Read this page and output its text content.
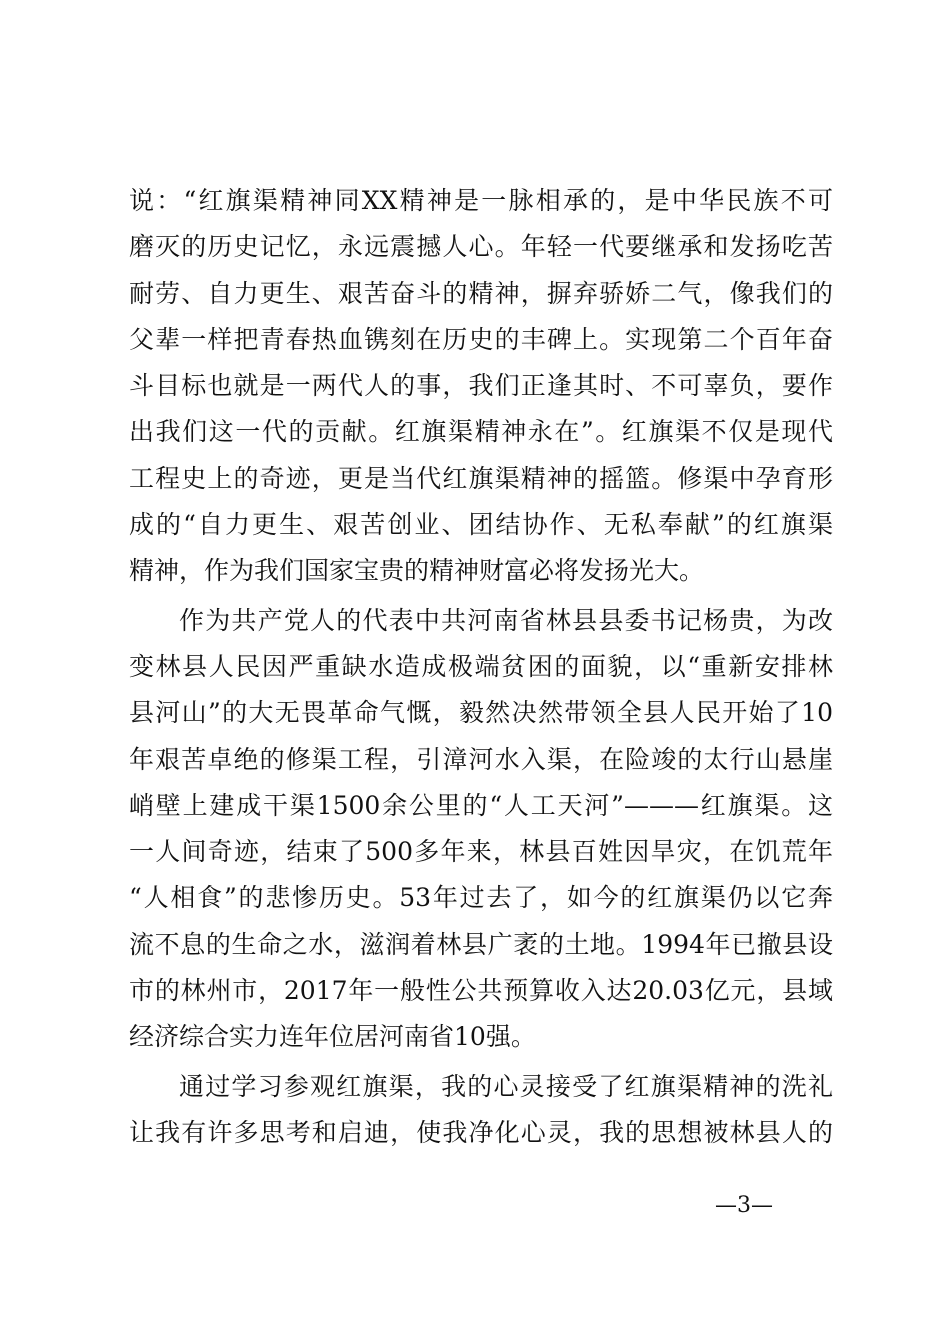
说：“红旗渠精神同XX精神是一脉相承的，是中华民族不可
磨灭的历史记忆，永远震撼人心。年轻一代要继承和发扬吃苦
耐劳、自力更生、艰苦奋斗的精神，摒弃骄娇二气，像我们的
父辈一样把青春热血镌刻在历史的丰碑上。实现第二个百年奋
斗目标也就是一两代人的事，我们正逢其时、不可辜负，要作
出我们这一代的贡献。红旗渠精神永在”。红旗渠不仅是现代
工程史上的奇迹，更是当代红旗渠精神的摇篮。修渠中孕育形
成的“自力更生、艰苦创业、团结协作、无私奉献”的红旗渠
精神，作为我们国家宝贵的精神财富必将发扬光大。
作为共产党人的代表中共河南省林县县委书记杨贵，为改
变林县人民因严重缺水造成极端贫困的面貌，以“重新安排林
县河山”的大无畏革命气慨，毅然决然带领全县人民开始了10
年艰苦卓绝的修渠工程，引漳河水入渠，在险竣的太行山悬崖
峭壁上建成干渠1500余公里的“人工天河”———红旗渠。这
一人间奇迹，结束了500多年来，林县百姓因旱灾，在饥荒年
“人相食”的悲惨历史。53年过去了，如今的红旗渠仍以它奔
流不息的生命之水，滋润着林县广袤的土地。1994年已撤县设
市的林州市，2017年一般性公共预算收入达20.03亿元，县域
经济综合实力连年位居河南省10强。
通过学习参观红旗渠，我的心灵接受了红旗渠精神的洗礼
让我有许多思考和启迪，使我净化心灵，我的思想被林县人的
—3—
